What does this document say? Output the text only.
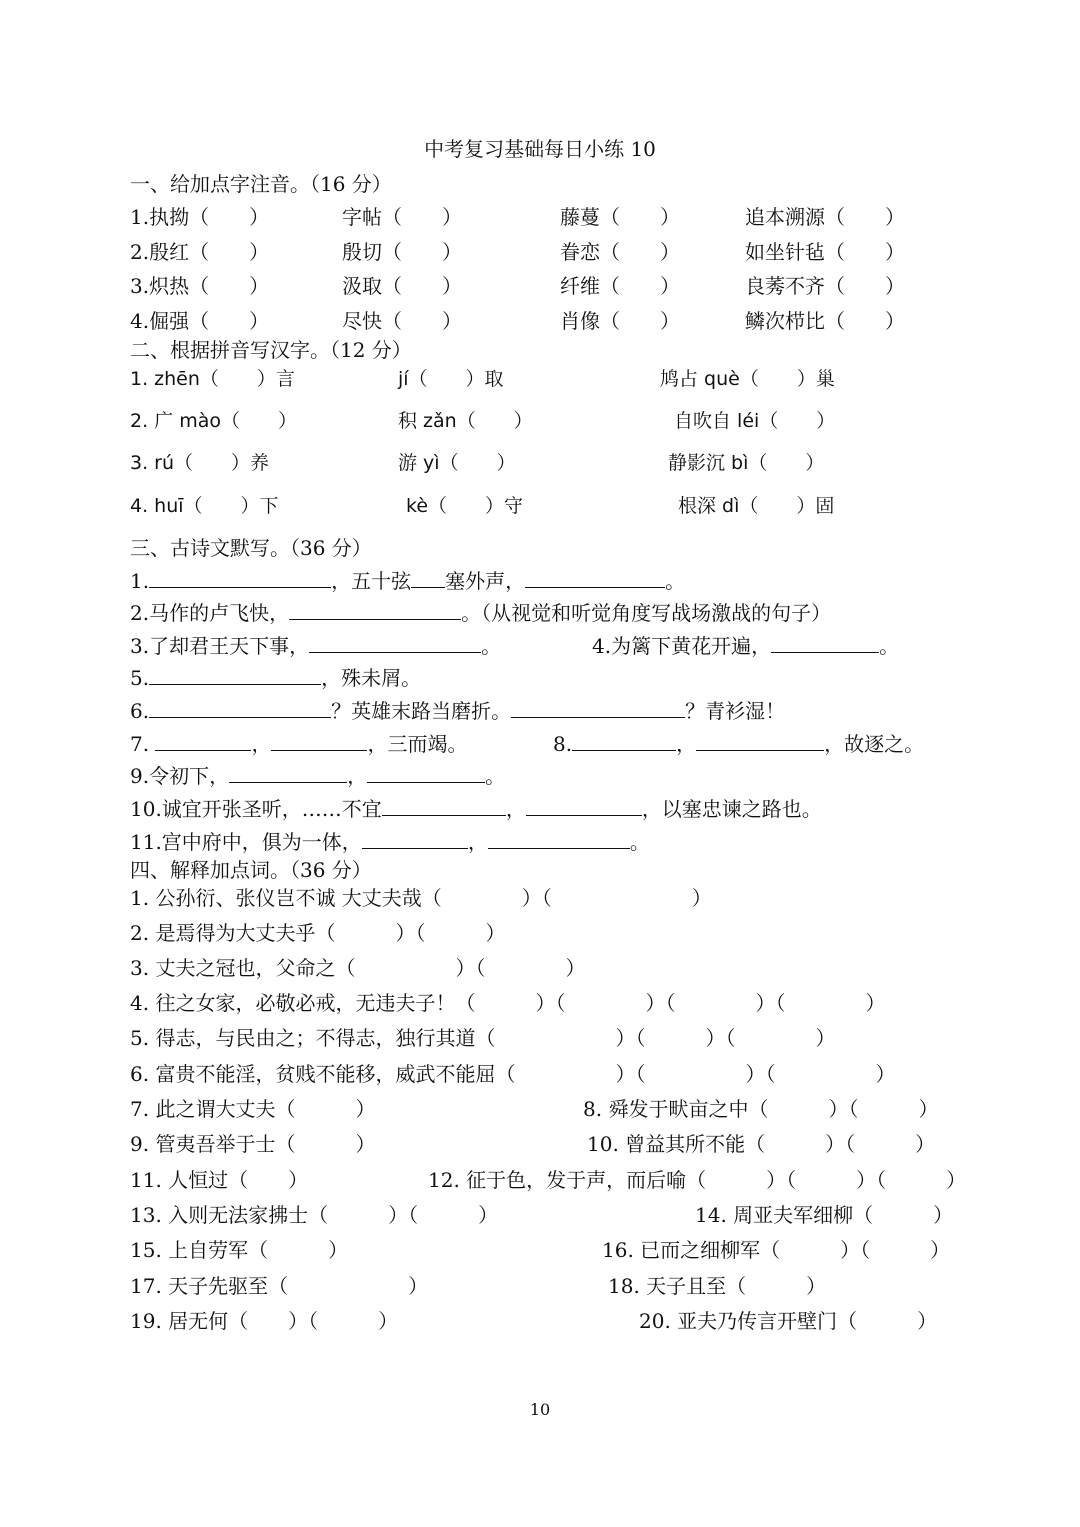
中考复习基础每日小练 10
一、给加点字注音。（16 分）
1.执拗（　　）	字帖（　　）	藤蔓（　　）	追本溯源（　　）
2.殷红（　　）	殷切（　　）	眷恋（　　）	如坐针毡（　　）
3.炽热（　　）	汲取（　　）	纤维（　　）	良莠不齐（　　）
4.倔强（　　）	尽快（　　）	肖像（　　）	鳞次栉比（　　）
二、根据拼音写汉字。（12 分）
1. zhēn（　　）言	jí（　　）取	鸠占 què（　　）巢
2. 广 mào（　　）	积 zǎn（　　）	自吹自 léi（　　）
3. rú（　　）养	游 yì（　　）	静影沉 bì（　　）
4. huī（　　）下	kè（　　）守	根深 dì（　　）固
三、古诗文默写。（36 分）
1.	，五十弦 塞外声，	。
2.马作的卢飞快，	。（从视觉和听觉角度写战场激战的句子）
3.了却君王天下事，	。	4.为篱下黄花开遍，	。
5.	，殊未屑。
6.	？英雄末路当磨折。	？青衫湿！
7.	，	，三而竭。	8.	，	，故逐之。
9.令初下，	，	。
10.诚宜开张圣听，……不宜	，	，以塞忠谏之路也。
11.宫中府中，俱为一体，	，	。
四、解释加点词。（36 分）
1. 公孙衍、张仪岂不诚 大丈夫哉（　　　　）（　　　　　　　）
2. 是焉得为大丈夫乎（　　　）（　　　）
3. 丈夫之冠也，父命之（　　　　　）（　　　　）
4. 往之女家，必敬必戒，无违夫子！（　　　）（　　　　）（　　　　）（　　　　）
5. 得志，与民由之；不得志，独行其道（　　　　　　）（　　　）（　　　　）
6. 富贵不能淫，贫贱不能移，威武不能屈（　　　　　）（　　　　　）（　　　　　）
7. 此之谓大丈夫（　　　）	8. 舜发于畎亩之中（　　　）（　　　）
9. 管夷吾举于士（　　　）	10. 曾益其所不能（　　　）（　　　）
11. 人恒过（　　）	12. 征于色，发于声，而后喻（　　　）（　　　）（　　　）
13. 入则无法家拂士（　　　）（　　　）	14. 周亚夫军细柳（　　　）
15. 上自劳军（　　　）	16. 已而之细柳军（　　　）（　　　）
17. 天子先驱至（　　　　　　）	18. 天子且至（　　　）
19. 居无何（　　）（　　　）	20. 亚夫乃传言开壁门（　　　）
10
